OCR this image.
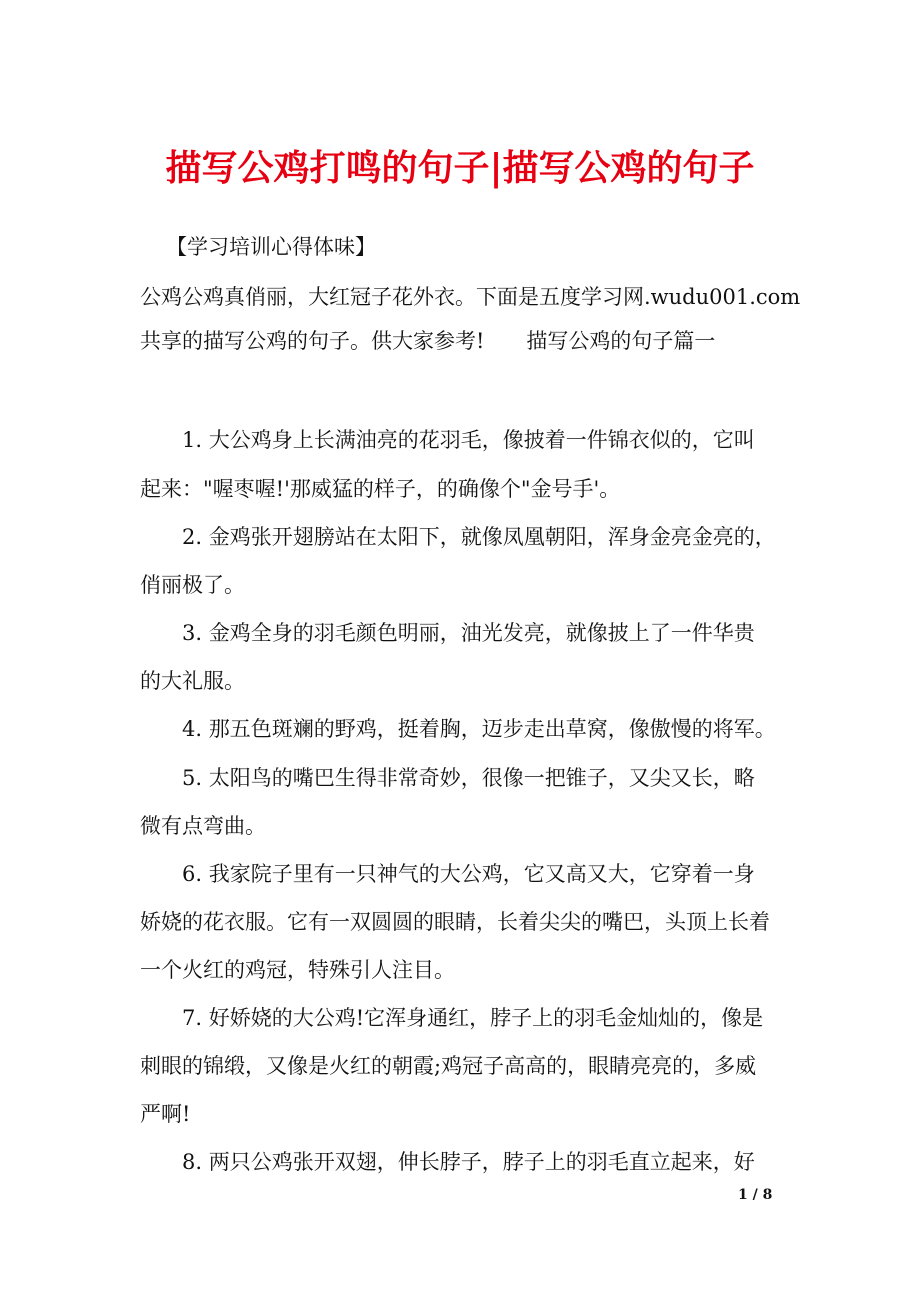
描写公鸡打鸣的句子|描写公鸡的句子

【学习培训心得体味】

公鸡公鸡真俏丽，大红冠子花外衣。下面是五度学习网.wudu001.com

共享的描写公鸡的句子。供大家参考!　　描写公鸡的句子篇一

1. 大公鸡身上长满油亮的花羽毛，像披着一件锦衣似的，它叫

起来："喔枣喔!'那威猛的样子，的确像个"金号手'。

2. 金鸡张开翅膀站在太阳下，就像凤凰朝阳，浑身金亮金亮的，

俏丽极了。

3. 金鸡全身的羽毛颜色明丽，油光发亮，就像披上了一件华贵

的大礼服。

4. 那五色斑斓的野鸡，挺着胸，迈步走出草窝，像傲慢的将军。

5. 太阳鸟的嘴巴生得非常奇妙，很像一把锥子，又尖又长，略

微有点弯曲。

6. 我家院子里有一只神气的大公鸡，它又高又大，它穿着一身

娇娆的花衣服。它有一双圆圆的眼睛，长着尖尖的嘴巴，头顶上长着

一个火红的鸡冠，特殊引人注目。

7. 好娇娆的大公鸡!它浑身通红，脖子上的羽毛金灿灿的，像是

刺眼的锦缎，又像是火红的朝霞;鸡冠子高高的，眼睛亮亮的，多威

严啊!

8. 两只公鸡张开双翅，伸长脖子，脖子上的羽毛直立起来，好

1 / 8
